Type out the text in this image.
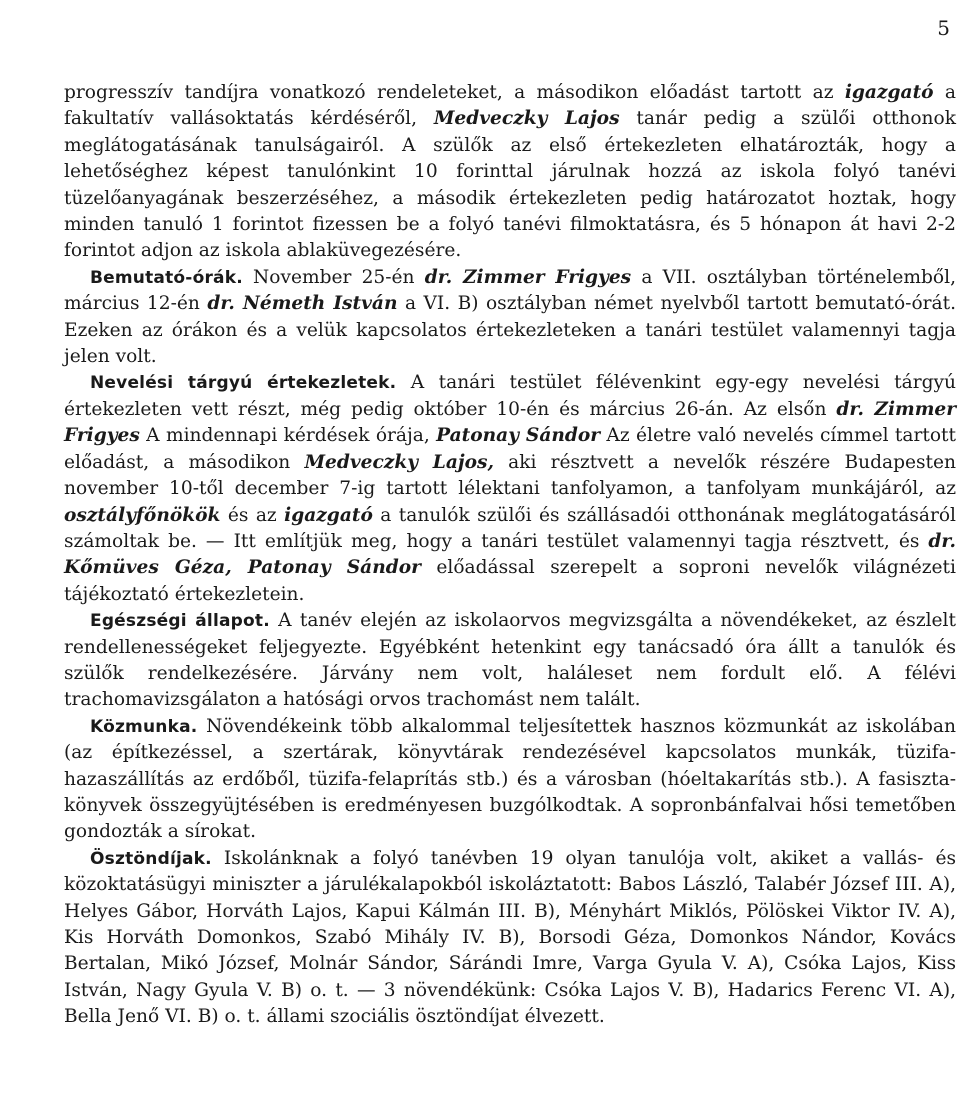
5

progresszív tandíjra vonatkozó rendeleteket, a másodikon előadást tartott az igazgató a fakultatív vallásoktatás kérdéséről, Medveczky Lajos tanár pedig a szülői otthonok meglátogatásának tanulságairól. A szülők az első értekezleten elhatározták, hogy a lehetőséghez képest tanulónkint 10 forinttal járulnak hozzá az iskola folyó tanévi tüzelőanyagának beszerzéséhez, a második értekezleten pedig határozatot hoztak, hogy minden tanuló 1 forintot fizessen be a folyó tanévi filmoktatásra, és 5 hónapon át havi 2-2 forintot adjon az iskola ablaküvegezésére.

Bemutató-órák. November 25-én dr. Zimmer Frigyes a VII. osztályban történelemből, március 12-én dr. Németh István a VI. B) osztályban német nyelvből tartott bemutató-órát. Ezeken az órákon és a velük kapcsolatos értekezleteken a tanári testület valamennyi tagja jelen volt.

Nevelési tárgyú értekezletek. A tanári testület félévenkint egy-egy nevelési tárgyú értekezleten vett részt, még pedig október 10-én és március 26-án. Az elsőn dr. Zimmer Frigyes A mindennapi kérdések órája, Patonay Sándor Az életre való nevelés címmel tartott előadást, a másodikon Medveczky Lajos, aki résztvett a nevelők részére Budapesten november 10-től december 7-ig tartott lélektani tanfolyamon, a tanfolyam munkájáról, az osztályfőnökök és az igazgató a tanulók szülői és szállásadói otthonának meglátogatásáról számoltak be. — Itt említjük meg, hogy a tanári testület valamennyi tagja résztvett, és dr. Kőmüves Géza, Patonay Sándor előadással szerepelt a soproni nevelők világnézeti tájékoztató értekezletein.

Egészségi állapot. A tanév elején az iskolaorvos megvizsgálta a növendékeket, az észlelt rendellenességeket feljegyezte. Egyébként hetenkint egy tanácsadó óra állt a tanulók és szülők rendelkezésére. Járvány nem volt, haláleset nem fordult elő. A félévi trachomavizsgálaton a hatósági orvos trachomást nem talált.

Közmunka. Növendékeink több alkalommal teljesítettek hasznos közmunkát az iskolában (az építkezéssel, a szertárak, könyvtárak rendezésével kapcsolatos munkák, tüzifa-hazaszállítás az erdőből, tüzifa-felaprítás stb.) és a városban (hóeltakarítás stb.). A fasiszta-könyvek összegyüjtésében is eredményesen buzgólkodtak. A sopronbánfalvai hősi temetőben gondozták a sírokat.

Ösztöndíjak. Iskolánknak a folyó tanévben 19 olyan tanulója volt, akiket a vallás- és közoktatásügyi miniszter a járulékalapokból iskoláztatott: Babos László, Talabér József III. A), Helyes Gábor, Horváth Lajos, Kapui Kálmán III. B), Ményhárt Miklós, Pölöskei Viktor IV. A), Kis Horváth Domonkos, Szabó Mihály IV. B), Borsodi Géza, Domonkos Nándor, Kovács Bertalan, Mikó József, Molnár Sándor, Sárándi Imre, Varga Gyula V. A), Csóka Lajos, Kiss István, Nagy Gyula V. B) o. t. — 3 növendékünk: Csóka Lajos V. B), Hadarics Ferenc VI. A), Bella Jenő VI. B) o. t. állami szociális ösztöndíjat élvezett.
